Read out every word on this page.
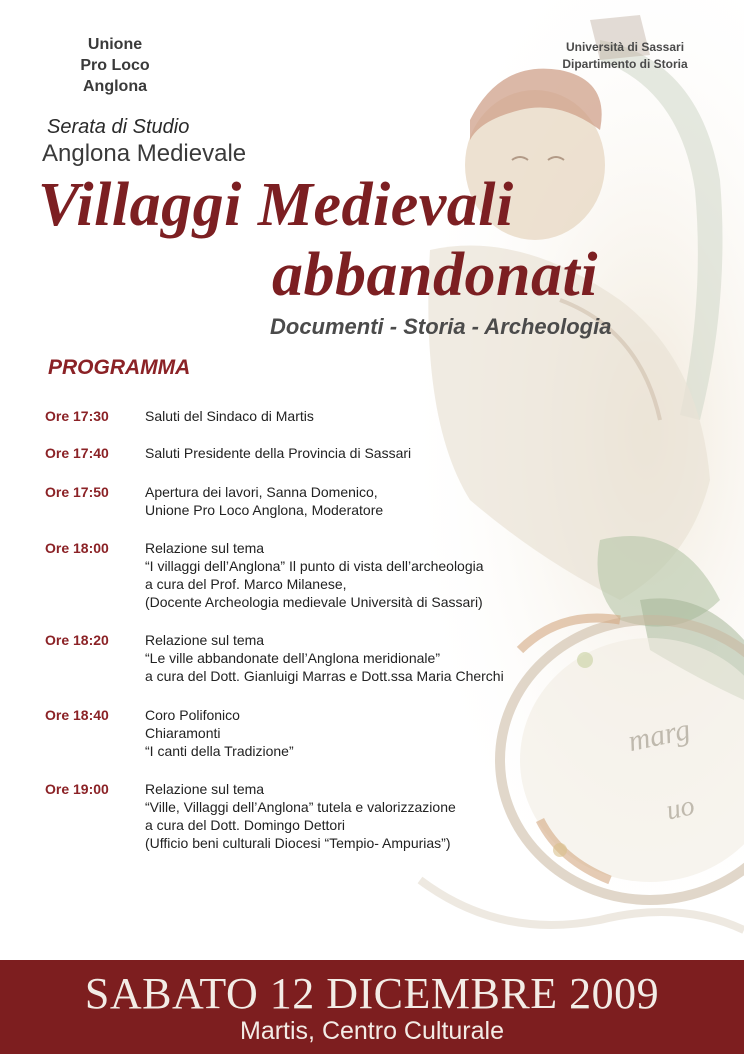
marg
uo
Unione
Pro Loco Anglona
Università di Sassari
Dipartimento di Storia
Serata di Studio
Anglona Medievale
Villaggi Medievali
abbandonati
Documenti - Storia - Archeologia
PROGRAMMA
Ore 17:30	Saluti del Sindaco di Martis
Ore 17:40	Saluti Presidente della Provincia di Sassari
Ore 17:50	Apertura dei lavori, Sanna Domenico,
Unione Pro Loco Anglona, Moderatore
Ore 18:00	Relazione sul tema
“I villaggi dell’Anglona” Il punto di vista dell’archeologia
a cura del Prof. Marco Milanese,
(Docente Archeologia medievale Università di Sassari)
Ore 18:20	Relazione sul tema
“Le ville abbandonate dell’Anglona meridionale”
a cura del Dott. Gianluigi Marras e Dott.ssa Maria Cherchi
Ore 18:40	Coro Polifonico
Chiaramonti
“I canti della Tradizione”
Ore 19:00	Relazione sul tema
“Ville, Villaggi dell’Anglona” tutela e valorizzazione
a cura del Dott. Domingo Dettori
(Ufficio beni culturali Diocesi “Tempio- Ampurias”)
SABATO 12 DICEMBRE 2009
Martis, Centro Culturale
